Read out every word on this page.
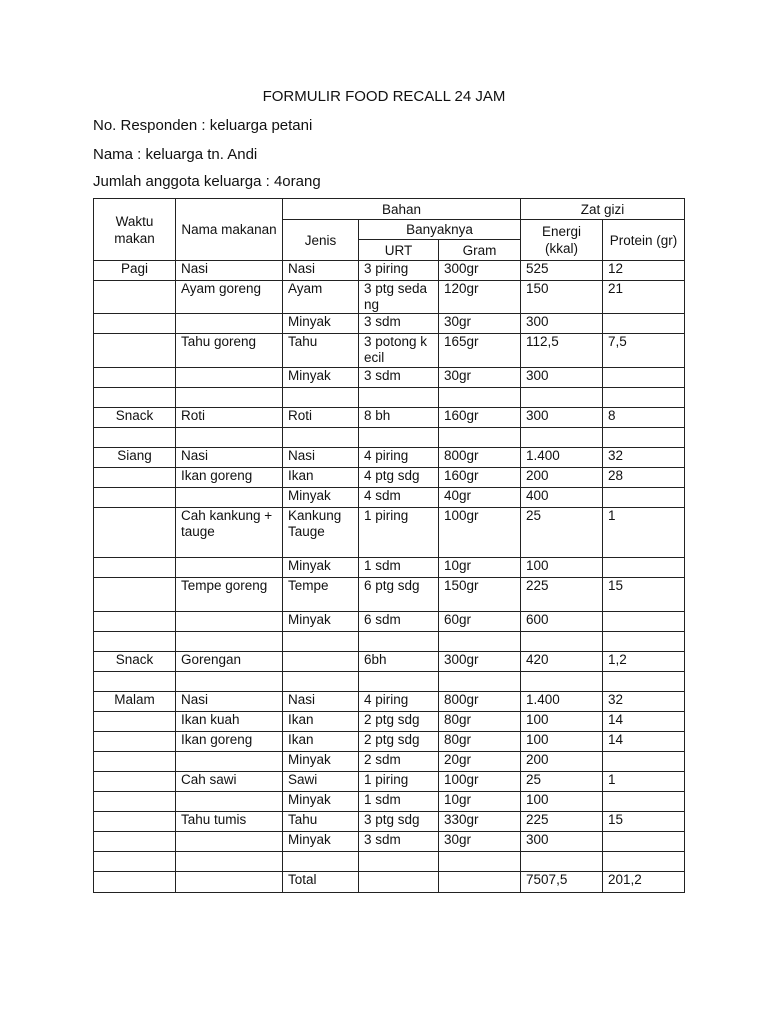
FORMULIR FOOD RECALL 24 JAM
No. Responden : keluarga petani
Nama : keluarga tn. Andi
Jumlah anggota keluarga : 4orang
Waktu makan	Nama makanan	Bahan			Zat gizi	
		Jenis	Banyaknya		Energi (kkal)	Protein (gr)
			URT	Gram		
Pagi	Nasi	Nasi	3 piring	300gr	525	12
	Ayam goreng	Ayam	3 ptg sedang	120gr	150	21
		Minyak	3 sdm	30gr	300	
	Tahu goreng	Tahu	3 potong kecil	165gr	112,5	7,5
		Minyak	3 sdm	30gr	300	

Snack	Roti	Roti	8 bh	160gr	300	8

Siang	Nasi	Nasi	4 piring	800gr	1.400	32
	Ikan goreng	Ikan	4 ptg sdg	160gr	200	28
		Minyak	4 sdm	40gr	400	
	Cah kankung + tauge	Kankung Tauge	1 piring	100gr	25	1
		Minyak	1 sdm	10gr	100	
	Tempe goreng	Tempe	6 ptg sdg	150gr	225	15
		Minyak	6 sdm	60gr	600	

Snack	Gorengan		6bh	300gr	420	1,2

Malam	Nasi	Nasi	4 piring	800gr	1.400	32
	Ikan kuah	Ikan	2 ptg sdg	80gr	100	14
	Ikan goreng	Ikan	2 ptg sdg	80gr	100	14
		Minyak	2 sdm	20gr	200	
	Cah sawi	Sawi	1 piring	100gr	25	1
		Minyak	1 sdm	10gr	100	
	Tahu tumis	Tahu	3 ptg sdg	330gr	225	15
		Minyak	3 sdm	30gr	300	

		Total			7507,5	201,2
